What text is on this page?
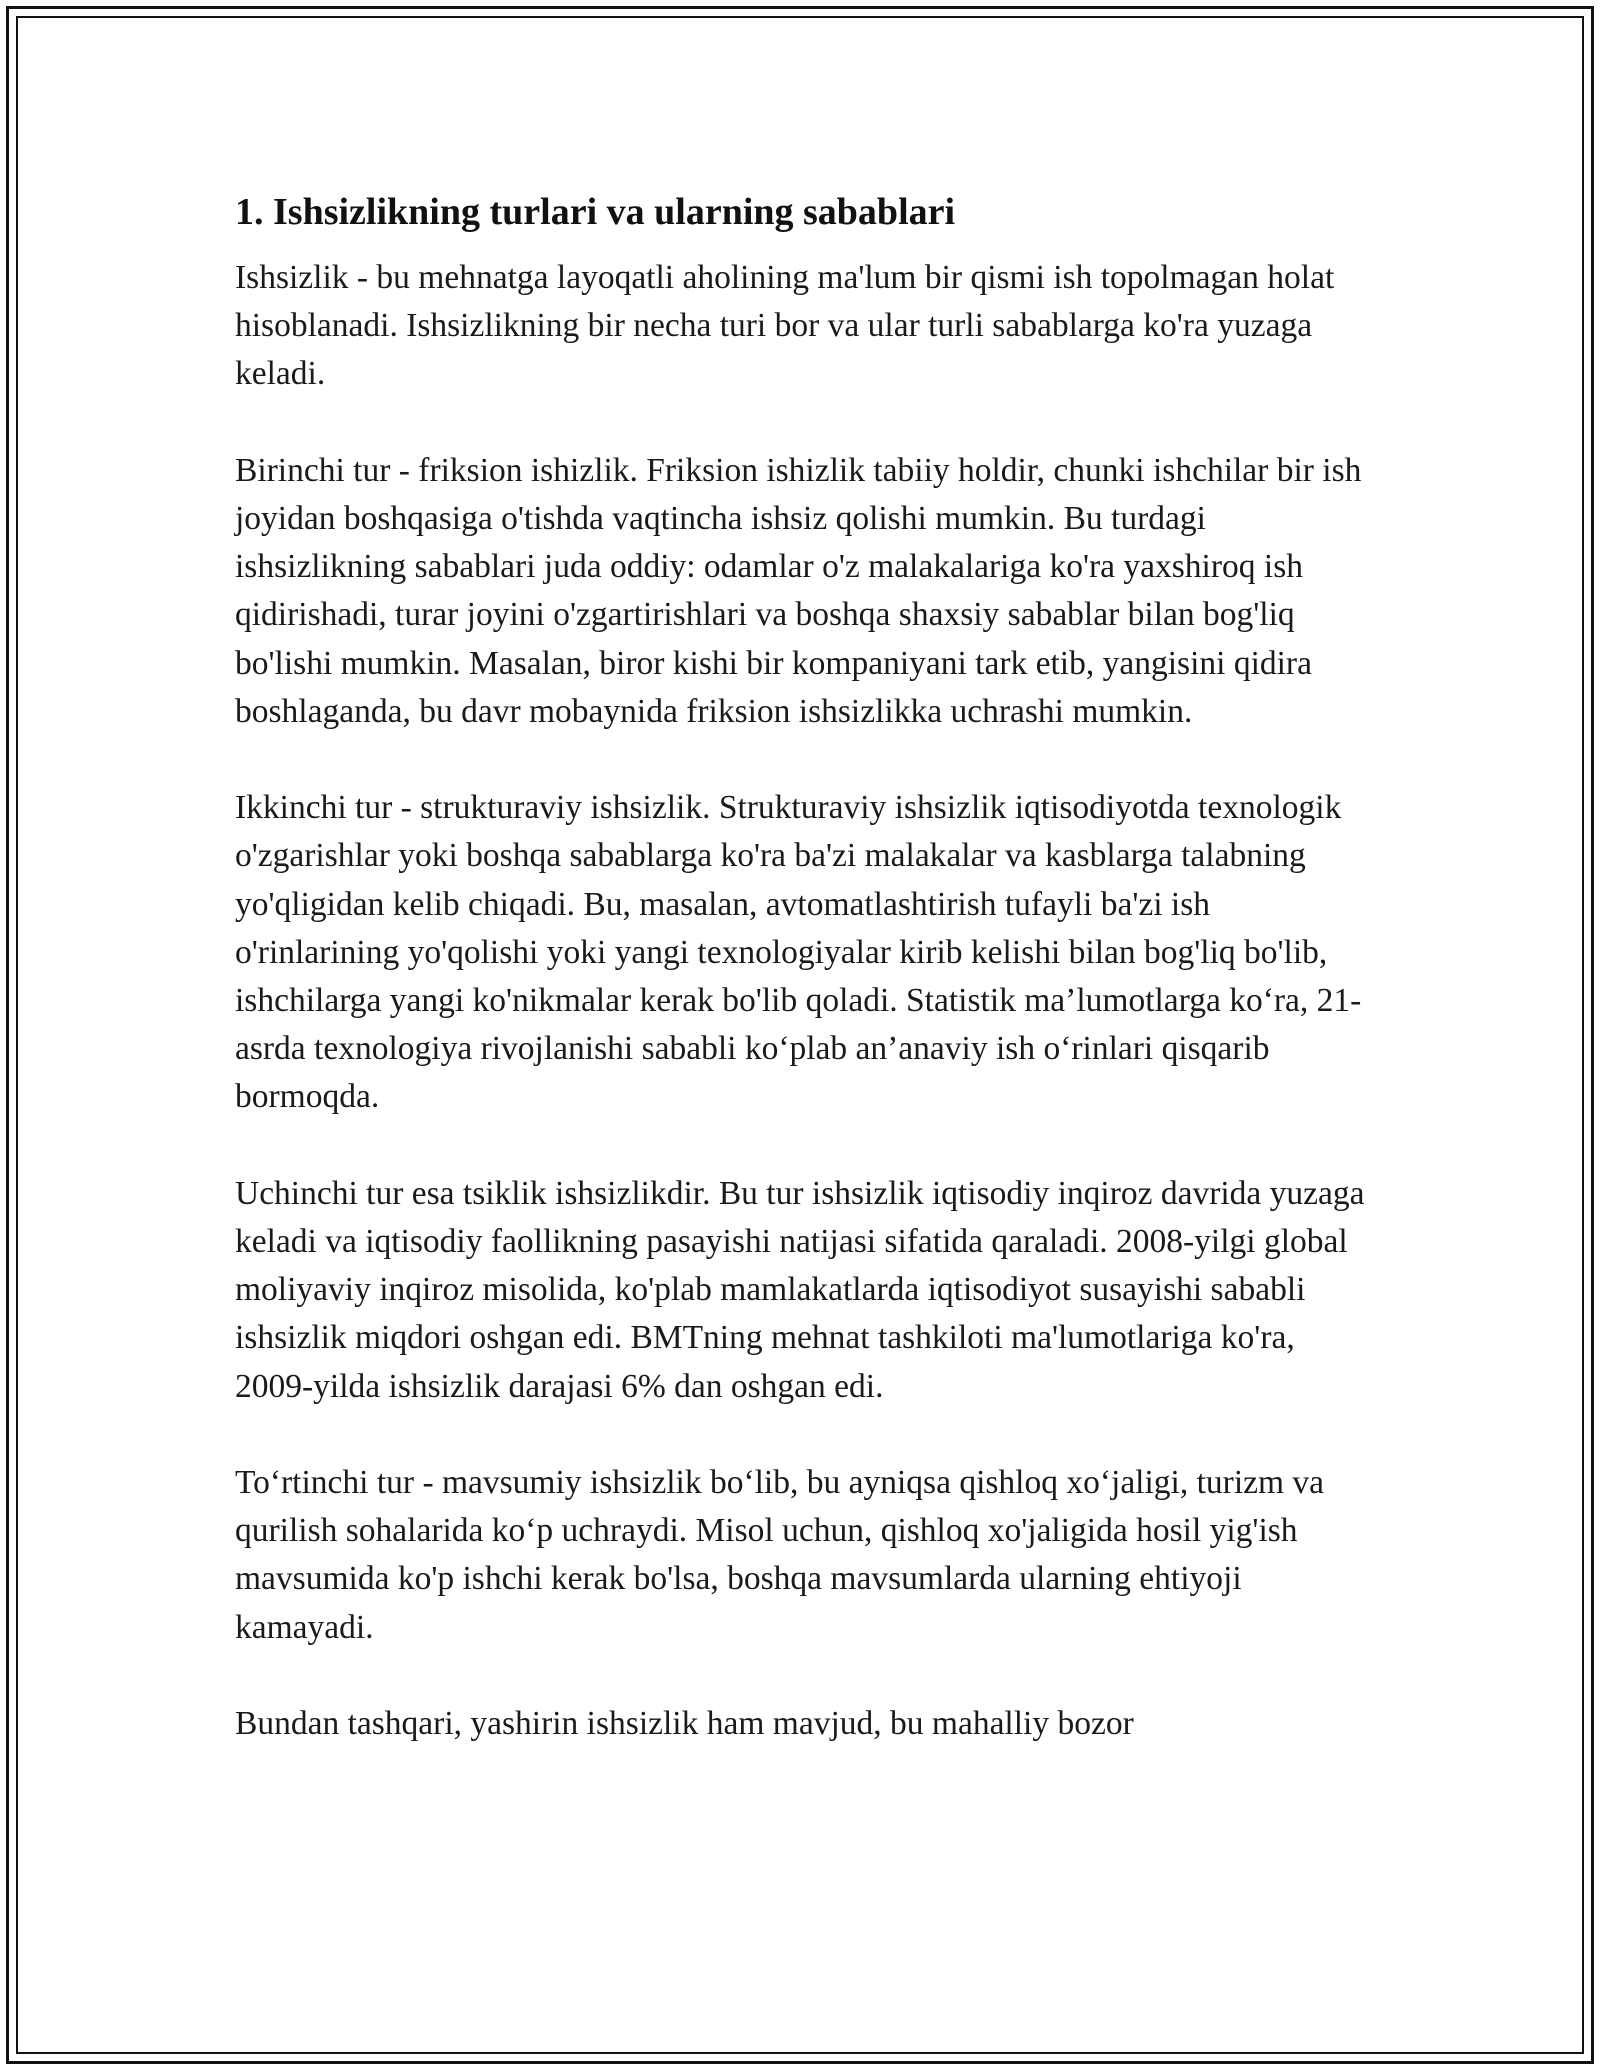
1. Ishsizlikning turlari va ularning sabablari

Ishsizlik - bu mehnatga layoqatli aholining ma'lum bir qismi ish topolmagan holat hisoblanadi. Ishsizlikning bir necha turi bor va ular turli sabablarga ko'ra yuzaga keladi.

Birinchi tur - friksion ishizlik. Friksion ishizlik tabiiy holdir, chunki ishchilar bir ish joyidan boshqasiga o'tishda vaqtincha ishsiz qolishi mumkin. Bu turdagi ishsizlikning sabablari juda oddiy: odamlar o'z malakalariga ko'ra yaxshiroq ish qidirishadi, turar joyini o'zgartirishlari va boshqa shaxsiy sabablar bilan bog'liq bo'lishi mumkin. Masalan, biror kishi bir kompaniyani tark etib, yangisini qidira boshlaganda, bu davr mobaynida friksion ishsizlikka uchrashi mumkin.

Ikkinchi tur - strukturaviy ishsizlik. Strukturaviy ishsizlik iqtisodiyotda texnologik o'zgarishlar yoki boshqa sabablarga ko'ra ba'zi malakalar va kasblarga talabning yo'qligidan kelib chiqadi. Bu, masalan, avtomatlashtirish tufayli ba'zi ish o'rinlarining yo'qolishi yoki yangi texnologiyalar kirib kelishi bilan bog'liq bo'lib, ishchilarga yangi ko'nikmalar kerak bo'lib qoladi. Statistik ma’lumotlarga ko‘ra, 21-asrda texnologiya rivojlanishi sababli ko‘plab an’anaviy ish o‘rinlari qisqarib bormoqda.

Uchinchi tur esa tsiklik ishsizlikdir. Bu tur ishsizlik iqtisodiy inqiroz davrida yuzaga keladi va iqtisodiy faollikning pasayishi natijasi sifatida qaraladi. 2008-yilgi global moliyaviy inqiroz misolida, ko'plab mamlakatlarda iqtisodiyot susayishi sababli ishsizlik miqdori oshgan edi. BMTning mehnat tashkiloti ma'lumotlariga ko'ra, 2009-yilda ishsizlik darajasi 6% dan oshgan edi.

To‘rtinchi tur - mavsumiy ishsizlik bo‘lib, bu ayniqsa qishloq xo‘jaligi, turizm va qurilish sohalarida ko‘p uchraydi. Misol uchun, qishloq xo'jaligida hosil yig'ish mavsumida ko'p ishchi kerak bo'lsa, boshqa mavsumlarda ularning ehtiyoji kamayadi.

Bundan tashqari, yashirin ishsizlik ham mavjud, bu mahalliy bozor
